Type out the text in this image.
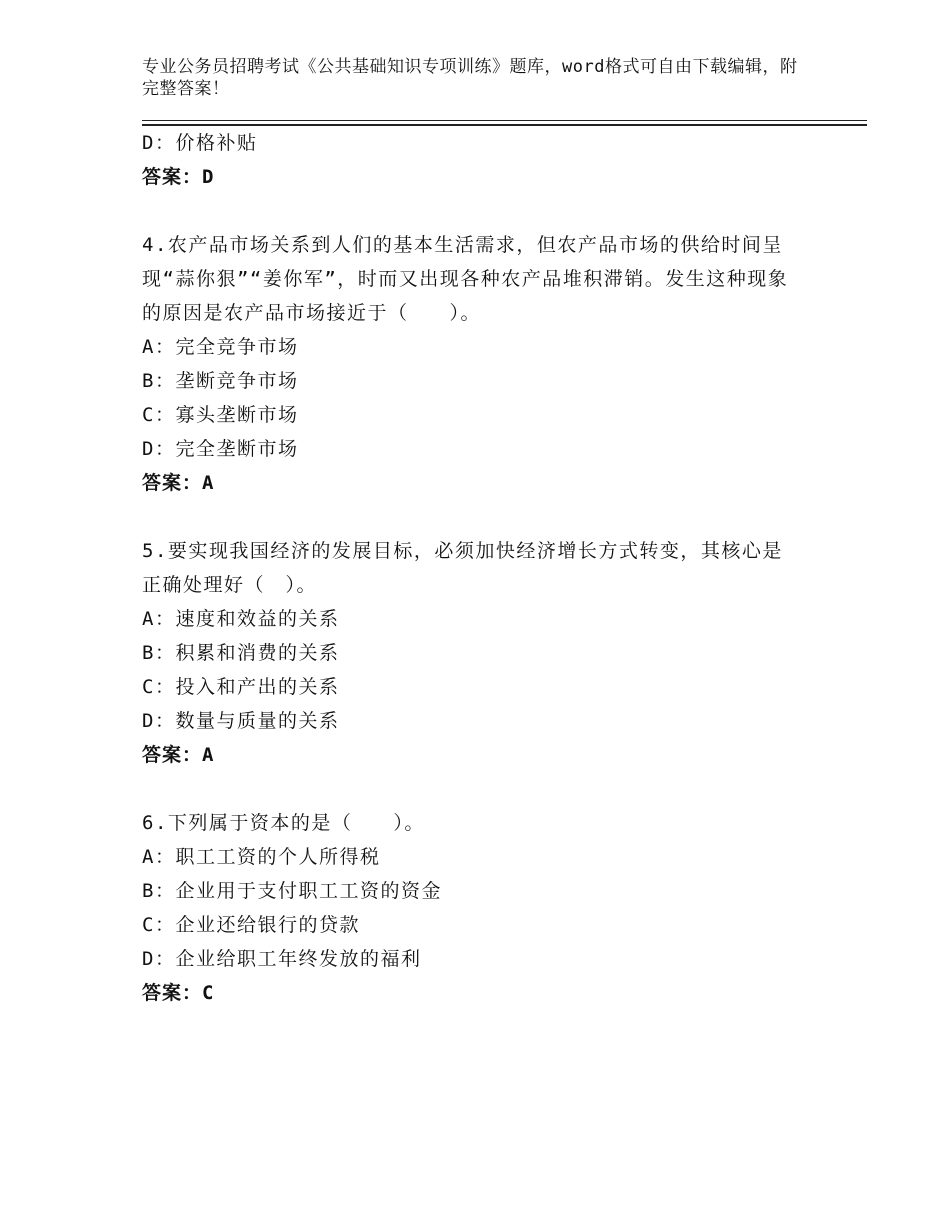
专业公务员招聘考试《公共基础知识专项训练》题库，word格式可自由下载编辑，附完整答案！
D：价格补贴
答案：D
4.农产品市场关系到人们的基本生活需求，但农产品市场的供给时间呈现“蒜你狠”“姜你军”，时而又出现各种农产品堆积滞销。发生这种现象的原因是农产品市场接近于（　　）。
A：完全竞争市场
B：垄断竞争市场
C：寡头垄断市场
D：完全垄断市场
答案：A
5.要实现我国经济的发展目标，必须加快经济增长方式转变，其核心是正确处理好（　）。
A：速度和效益的关系
B：积累和消费的关系
C：投入和产出的关系
D：数量与质量的关系
答案：A
6.下列属于资本的是（　　）。
A：职工工资的个人所得税
B：企业用于支付职工工资的资金
C：企业还给银行的贷款
D：企业给职工年终发放的福利
答案：C
